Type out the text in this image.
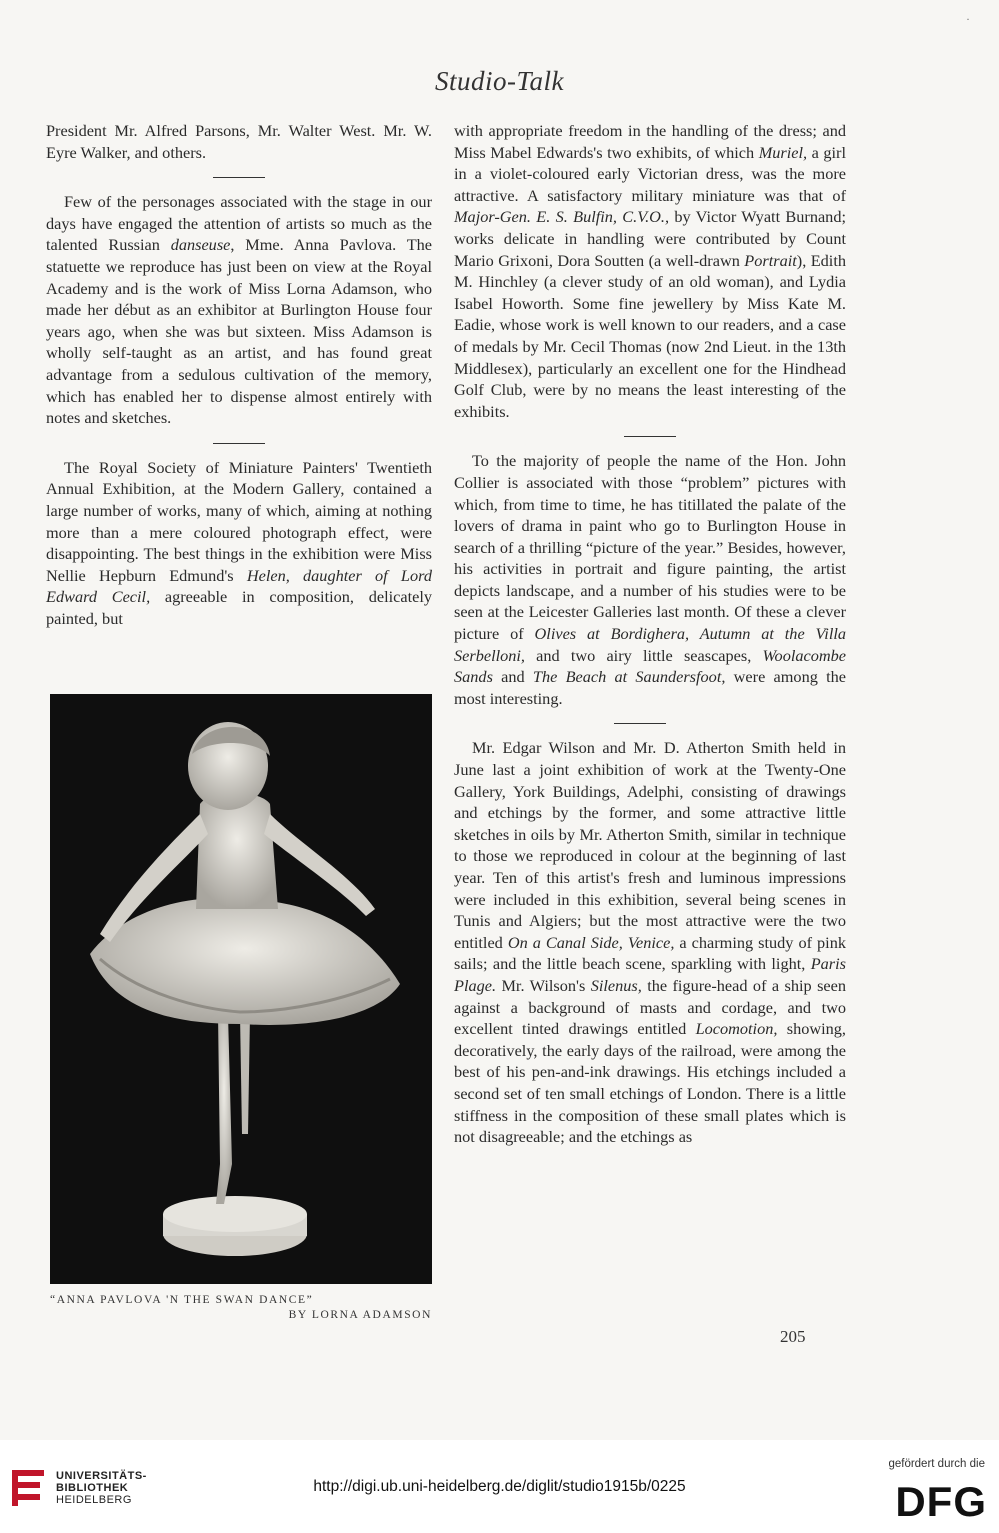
·
Studio-Talk

President Mr. Alfred Parsons, Mr. Walter West. Mr. W. Eyre Walker, and others.

Few of the personages associated with the stage in our days have engaged the attention of artists so much as the talented Russian danseuse, Mme. Anna Pavlova. The statuette we reproduce has just been on view at the Royal Academy and is the work of Miss Lorna Adamson, who made her début as an exhibitor at Burlington House four years ago, when she was but sixteen. Miss Adamson is wholly self-taught as an artist, and has found great advantage from a sedulous cultivation of the memory, which has enabled her to dispense almost entirely with notes and sketches.

The Royal Society of Miniature Painters' Twentieth Annual Exhibition, at the Modern Gallery, contained a large number of works, many of which, aiming at nothing more than a mere coloured photograph effect, were disappointing. The best things in the exhibition were Miss Nellie Hepburn Edmund's Helen, daughter of Lord Edward Cecil, agreeable in composition, delicately painted, but

“ANNA PAVLOVA 'N THE SWAN DANCE”
BY LORNA ADAMSON

with appropriate freedom in the handling of the dress; and Miss Mabel Edwards's two exhibits, of which Muriel, a girl in a violet-coloured early Victorian dress, was the more attractive. A satisfactory military miniature was that of Major-Gen. E. S. Bulfin, C.V.O., by Victor Wyatt Burnand; works delicate in handling were contributed by Count Mario Grixoni, Dora Soutten (a well-drawn Portrait), Edith M. Hinchley (a clever study of an old woman), and Lydia Isabel Howorth. Some fine jewellery by Miss Kate M. Eadie, whose work is well known to our readers, and a case of medals by Mr. Cecil Thomas (now 2nd Lieut. in the 13th Middlesex), particularly an excellent one for the Hindhead Golf Club, were by no means the least interesting of the exhibits.

To the majority of people the name of the Hon. John Collier is associated with those “problem” pictures with which, from time to time, he has titillated the palate of the lovers of drama in paint who go to Burlington House in search of a thrilling “picture of the year.” Besides, however, his activities in portrait and figure painting, the artist depicts landscape, and a number of his studies were to be seen at the Leicester Galleries last month. Of these a clever picture of Olives at Bordighera, Autumn at the Villa Serbelloni, and two airy little seascapes, Woolacombe Sands and The Beach at Saundersfoot, were among the most interesting.

Mr. Edgar Wilson and Mr. D. Atherton Smith held in June last a joint exhibition of work at the Twenty-One Gallery, York Buildings, Adelphi, consisting of drawings and etchings by the former, and some attractive little sketches in oils by Mr. Atherton Smith, similar in technique to those we reproduced in colour at the beginning of last year. Ten of this artist's fresh and luminous impressions were included in this exhibition, several being scenes in Tunis and Algiers; but the most attractive were the two entitled On a Canal Side, Venice, a charming study of pink sails; and the little beach scene, sparkling with light, Paris Plage. Mr. Wilson's Silenus, the figure-head of a ship seen against a background of masts and cordage, and two excellent tinted drawings entitled Locomotion, showing, decoratively, the early days of the railroad, were among the best of his pen-and-ink drawings. His etchings included a second set of ten small etchings of London. There is a little stiffness in the composition of these small plates which is not disagreeable; and the etchings as

205
UNIVERSITÄTS-
BIBLIOTHEK
HEIDELBERG
http://digi.ub.uni-heidelberg.de/diglit/studio1915b/0225
gefördert durch die
DFG
